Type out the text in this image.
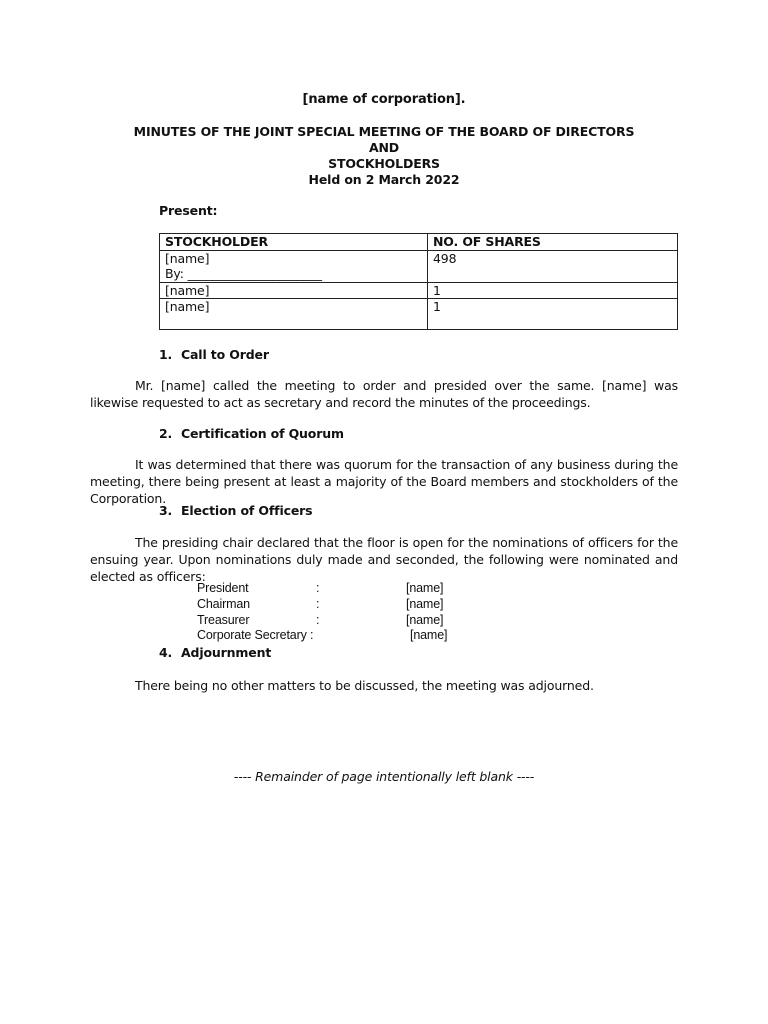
[name of corporation].
MINUTES OF THE JOINT SPECIAL MEETING OF THE BOARD OF DIRECTORS AND
STOCKHOLDERS
Held on 2 March 2022
Present:
STOCKHOLDER	NO. OF SHARES

[name]
By: ______________________	498
[name]	1
[name]	1
1. Call to Order
Mr. [name] called the meeting to order and presided over the same. [name] was likewise requested to act as secretary and record the minutes of the proceedings.
2. Certification of Quorum
It was determined that there was quorum for the transaction of any business during the meeting, there being present at least a majority of the Board members and stockholders of the Corporation.
3. Election of Officers
The presiding chair declared that the floor is open for the nominations of officers for the ensuing year. Upon nominations duly made and seconded, the following were nominated and elected as officers:
President	:	[name]
Chairman	:	[name]
Treasurer	:	[name]
Corporate Secretary :	[name]
4. Adjournment
There being no other matters to be discussed, the meeting was adjourned.
---- Remainder of page intentionally left blank ----
